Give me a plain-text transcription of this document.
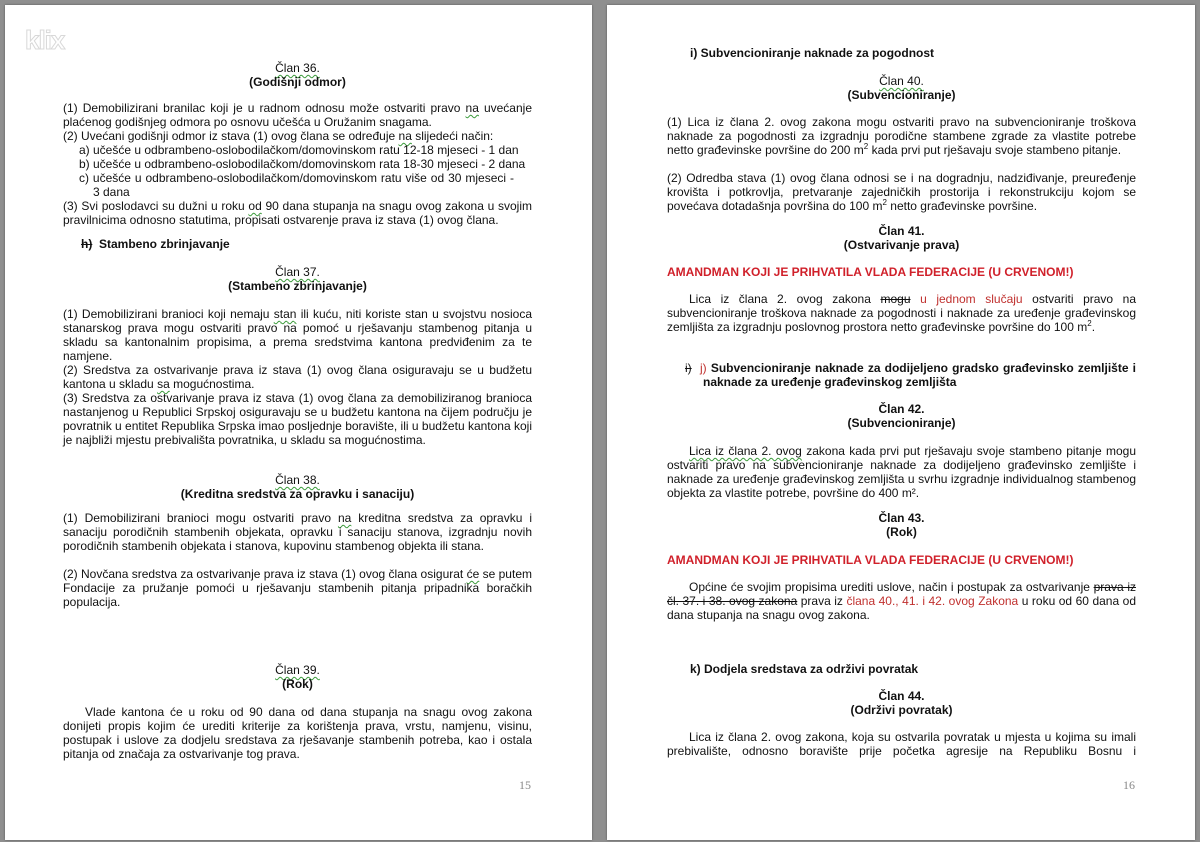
klix
Član 36.
(Godišnji odmor)
(1) Demobilizirani branilac koji je u radnom odnosu može ostvariti pravo na uvećanje plaćenog godišnjeg odmora po osnovu učešća u Oružanim snagama.
(2) Uvećani godišnji odmor iz stava (1) ovog člana se određuje na slijedeći način:
a) učešće u odbrambeno-oslobodilačkom/domovinskom ratu 12-18 mjeseci - 1 dan
b) učešće u odbrambeno-oslobodilačkom/domovinskom rata 18-30 mjeseci - 2 dana
c) učešće u odbrambeno-oslobodilačkom/domovinskom ratu više od 30 mjeseci - 3 dana
(3) Svi poslodavci su dužni u roku od 90 dana stupanja na snagu ovog zakona u svojim pravilnicima odnosno statutima, propisati ostvarenje prava iz stava (1) ovog člana.
h) Stambeno zbrinjavanje
Član 37.
(Stambeno zbrinjavanje)
(1) Demobilizirani branioci koji nemaju stan ili kuću, niti koriste stan u svojstvu nosioca stanarskog prava mogu ostvariti pravo na pomoć u rješavanju stambenog pitanja u skladu sa kantonalnim propisima, a prema sredstvima kantona predviđenim za te namjene.
(2) Sredstva za ostvarivanje prava iz stava (1) ovog člana osiguravaju se u budžetu kantona u skladu sa mogućnostima.
(3) Sredstva za ostvarivanje prava iz stava (1) ovog člana za demobiliziranog branioca nastanjenog u Republici Srpskoj osiguravaju se u budžetu kantona na čijem području je povratnik u entitet Republika Srpska imao posljednje boravište, ili u budžetu kantona koji je najbliži mjestu prebivališta povratnika, u skladu sa mogućnostima.
Član 38.
(Kreditna sredstva za opravku i sanaciju)
(1) Demobilizirani branioci mogu ostvariti pravo na kreditna sredstva za opravku i sanaciju porodičnih stambenih objekata, opravku i sanaciju stanova, izgradnju novih porodičnih stambenih objekata i stanova, kupovinu stambenog objekta ili stana.
(2) Novčana sredstva za ostvarivanje prava iz stava (1) ovog člana osigurat će se putem Fondacije za pružanje pomoći u rješavanju stambenih pitanja pripadnika boračkih populacija.
Član 39.
(Rok)
Vlade kantona će u roku od 90 dana od dana stupanja na snagu ovog zakona donijeti propis kojim će urediti kriterije za korištenja prava, vrstu, namjenu, visinu, postupak i uslove za dodjelu sredstava za rješavanje stambenih potreba, kao i ostala pitanja od značaja za ostvarivanje tog prava.
15
i) Subvencioniranje naknade za pogodnost
Član 40.
(Subvencioniranje)
(1) Lica iz člana 2. ovog zakona mogu ostvariti pravo na subvencioniranje troškova naknade za pogodnosti za izgradnju porodične stambene zgrade za vlastite potrebe netto građevinske površine do 200 $m^2$ kada prvi put rješavaju svoje stambeno pitanje.
(2) Odredba stava (1) ovog člana odnosi se i na dogradnju, nadziđivanje, preuređenje krovišta i potkrovlja, pretvaranje zajedničkih prostorija i rekonstrukciju kojom se povećava dotadašnja površina do 100 $m^2$ netto građevinske površine.
Član 41.
(Ostvarivanje prava)
AMANDMAN KOJI JE PRIHVATILA VLADA FEDERACIJE (U CRVENOM!)
Lica iz člana 2. ovog zakona mogu u jednom slučaju ostvariti pravo na subvencioniranje troškova naknade za pogodnosti i naknade za uređenje građevinskog zemljišta za izgradnju poslovnog prostora netto građevinske površine do 100 $m^2$.
i) j) Subvencioniranje naknade za dodijeljeno gradsko građevinsko zemljište i naknade za uređenje građevinskog zemljišta
Član 42.
(Subvencioniranje)
Lica iz člana 2. ovog zakona kada prvi put rješavaju svoje stambeno pitanje mogu ostvariti pravo na subvencioniranje naknade za dodijeljeno građevinsko zemljište i naknade za uređenje građevinskog zemljišta u svrhu izgradnje individualnog stambenog objekta za vlastite potrebe, površine do 400 m².
Član 43.
(Rok)
AMANDMAN KOJI JE PRIHVATILA VLADA FEDERACIJE (U CRVENOM!)
Općine će svojim propisima urediti uslove, način i postupak za ostvarivanje prava iz čl. 37. i 38. ovog zakona prava iz člana 40., 41. i 42. ovog Zakona u roku od 60 dana od dana stupanja na snagu ovog zakona.
k) Dodjela sredstava za održivi povratak
Član 44.
(Održivi povratak)
Lica iz člana 2. ovog zakona, koja su ostvarila povratak u mjesta u kojima su imali prebivalište, odnosno boravište prije početka agresije na Republiku Bosnu i
16
